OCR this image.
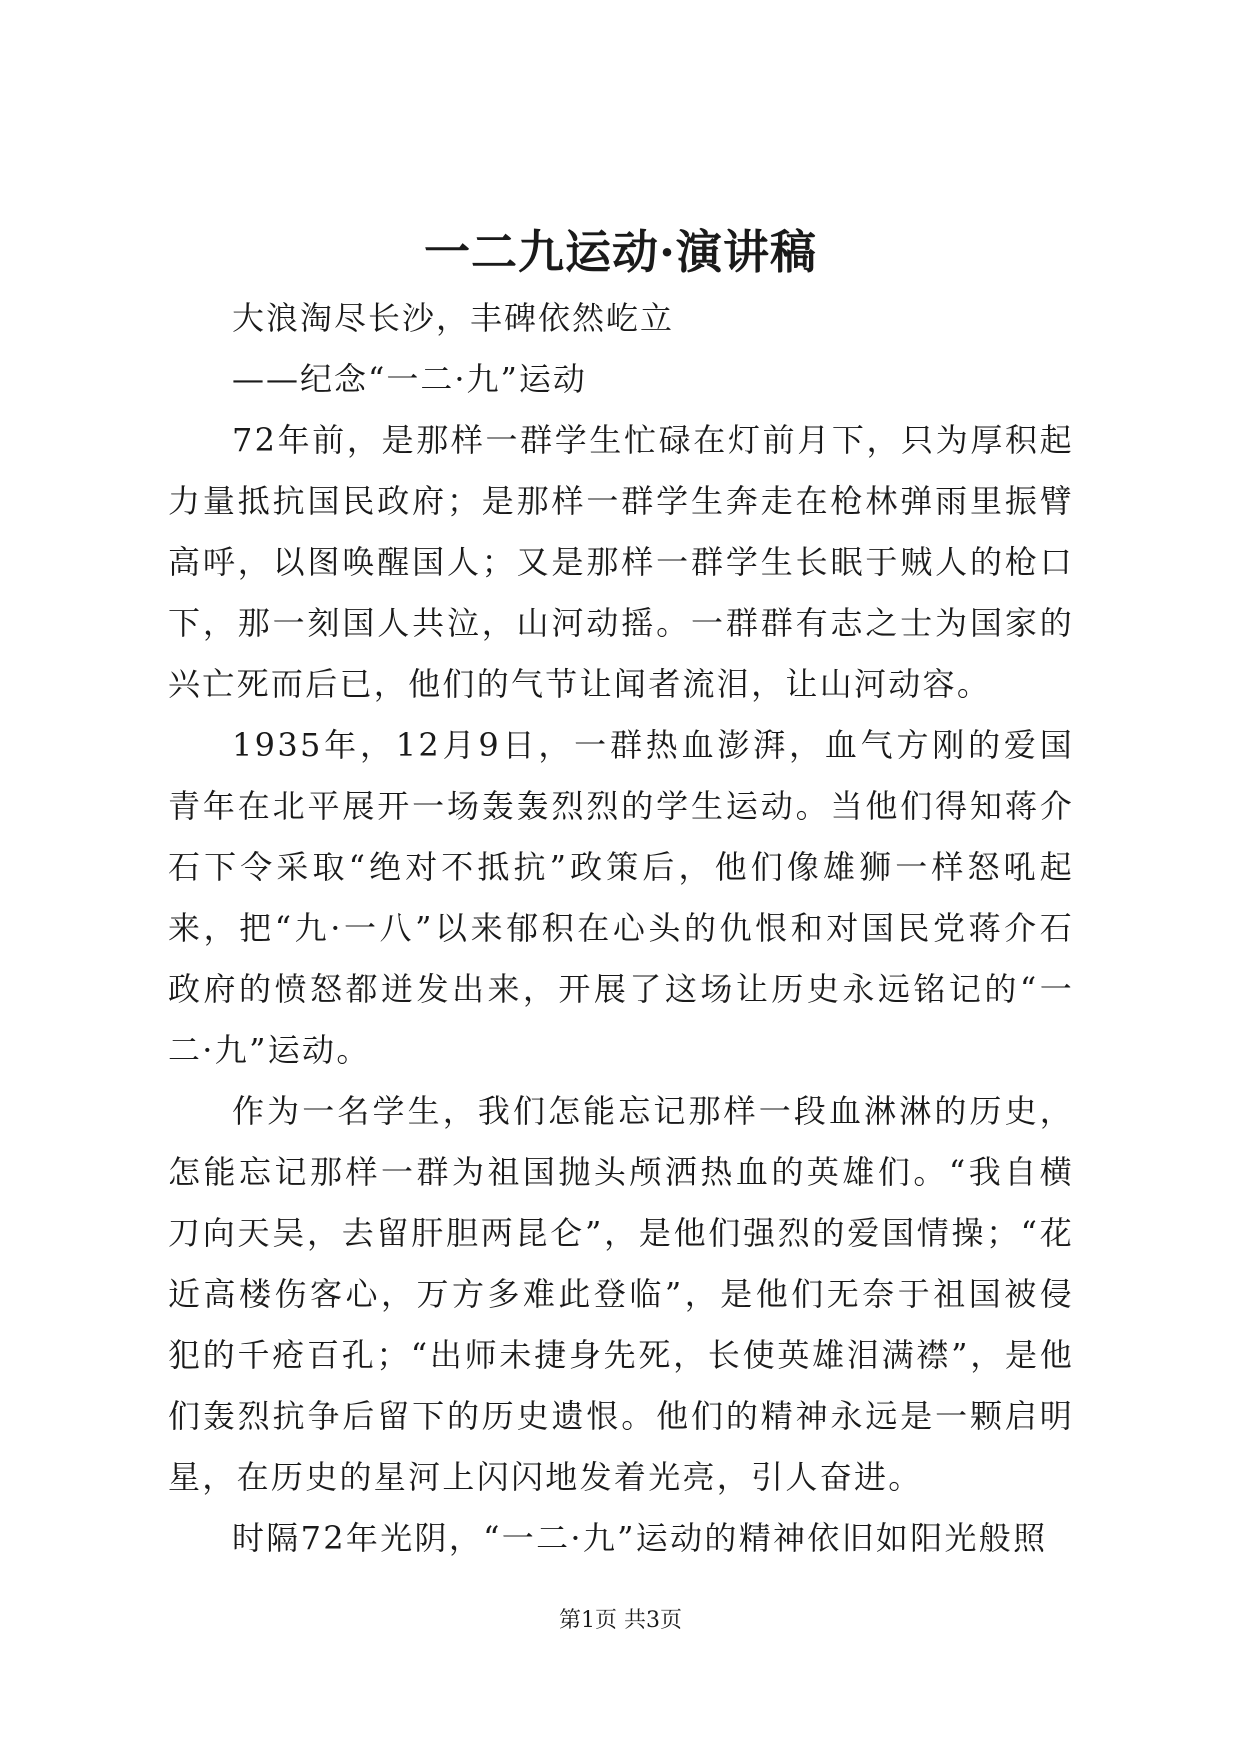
一二九运动·演讲稿

大浪淘尽长沙，丰碑依然屹立

——纪念“一二·九”运动

72年前，是那样一群学生忙碌在灯前月下，只为厚积起力量抵抗国民政府；是那样一群学生奔走在枪林弹雨里振臂高呼，以图唤醒国人；又是那样一群学生长眠于贼人的枪口下，那一刻国人共泣，山河动摇。一群群有志之士为国家的兴亡死而后已，他们的气节让闻者流泪，让山河动容。

1935年，12月9日，一群热血澎湃，血气方刚的爱国青年在北平展开一场轰轰烈烈的学生运动。当他们得知蒋介石下令采取“绝对不抵抗”政策后，他们像雄狮一样怒吼起来，把“九·一八”以来郁积在心头的仇恨和对国民党蒋介石政府的愤怒都迸发出来，开展了这场让历史永远铭记的“一二·九”运动。

作为一名学生，我们怎能忘记那样一段血淋淋的历史，怎能忘记那样一群为祖国抛头颅洒热血的英雄们。“我自横刀向天吴，去留肝胆两昆仑”，是他们强烈的爱国情操；“花近高楼伤客心，万方多难此登临”，是他们无奈于祖国被侵犯的千疮百孔；“出师未捷身先死，长使英雄泪满襟”，是他们轰烈抗争后留下的历史遗恨。他们的精神永远是一颗启明星，在历史的星河上闪闪地发着光亮，引人奋进。

时隔72年光阴，“一二·九”运动的精神依旧如阳光般照

第1页 共3页
